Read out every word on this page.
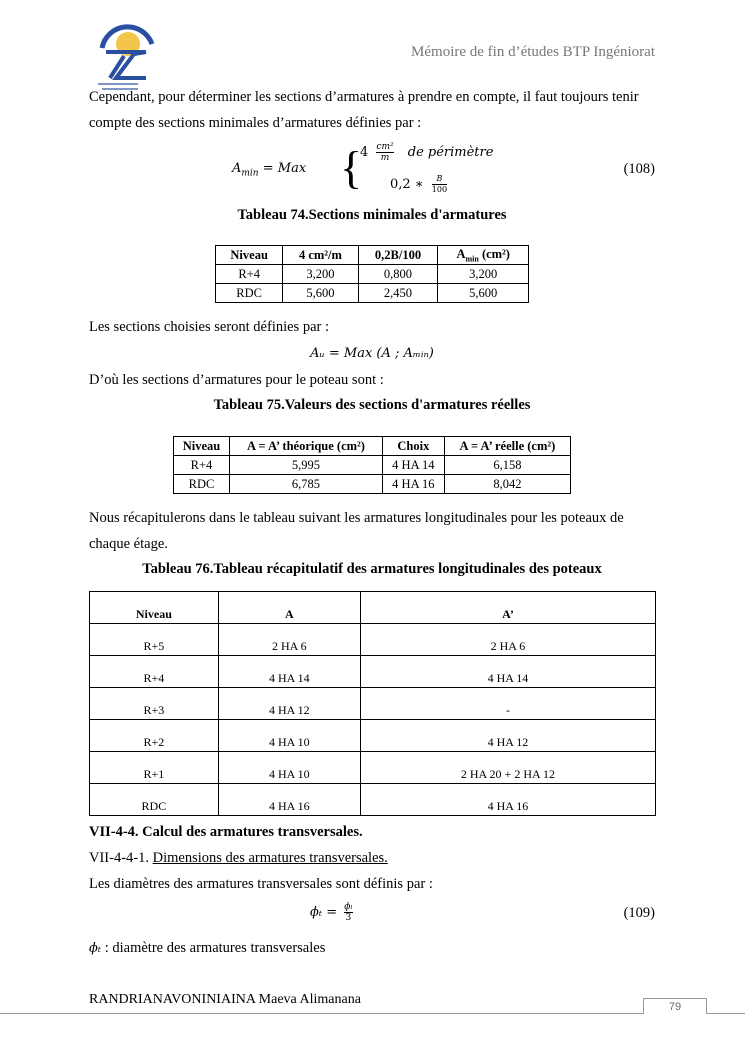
Mémoire de fin d’études BTP Ingéniorat
Cependant, pour déterminer les sections d’armatures à prendre en compte, il faut toujours tenir
compte des sections minimales d’armatures définies par :
$A_{min}$ = Max {
$4 \frac{\text{cm²}}{m}$ de périmètre
0,2 ∗ $\frac{B}{100}$
(108)
Tableau 74.Sections minimales d'armatures
Niveau	4 cm²/m	0,2B/100	$A_{min}$ (cm²)
R+4	3,200	0,800	3,200
RDC	5,600	2,450	5,600
Les sections choisies seront définies par :
Aᵤ = Max (A ; Aₘᵢₙ)
D’où les sections d’armatures pour le poteau sont :
Tableau 75.Valeurs des sections d'armatures réelles
Niveau	A = A’ théorique (cm²)	Choix	A = A’ réelle (cm²)
R+4	5,995	4 HA 14	6,158
RDC	6,785	4 HA 16	8,042
Nous récapitulerons dans le tableau suivant les armatures longitudinales pour les poteaux de
chaque étage.
Tableau 76.Tableau récapitulatif des armatures longitudinales des poteaux
Niveau	A	A’
R+5	2 HA 6	2 HA 6
R+4	4 HA 14	4 HA 14
R+3	4 HA 12	-
R+2	4 HA 10	4 HA 12
R+1	4 HA 10	2 HA 20 + 2 HA 12
RDC	4 HA 16	4 HA 16
VII-4-4. Calcul des armatures transversales.
VII-4-4-1. Dimensions des armatures transversales.
Les diamètres des armatures transversales sont définis par :
$\phi_t = \frac{\text{ϕₗ}}{3}$	(109)
ϕₜ : diamètre des armatures transversales
RANDRIANAVONINIAINA Maeva Alimanana	79
